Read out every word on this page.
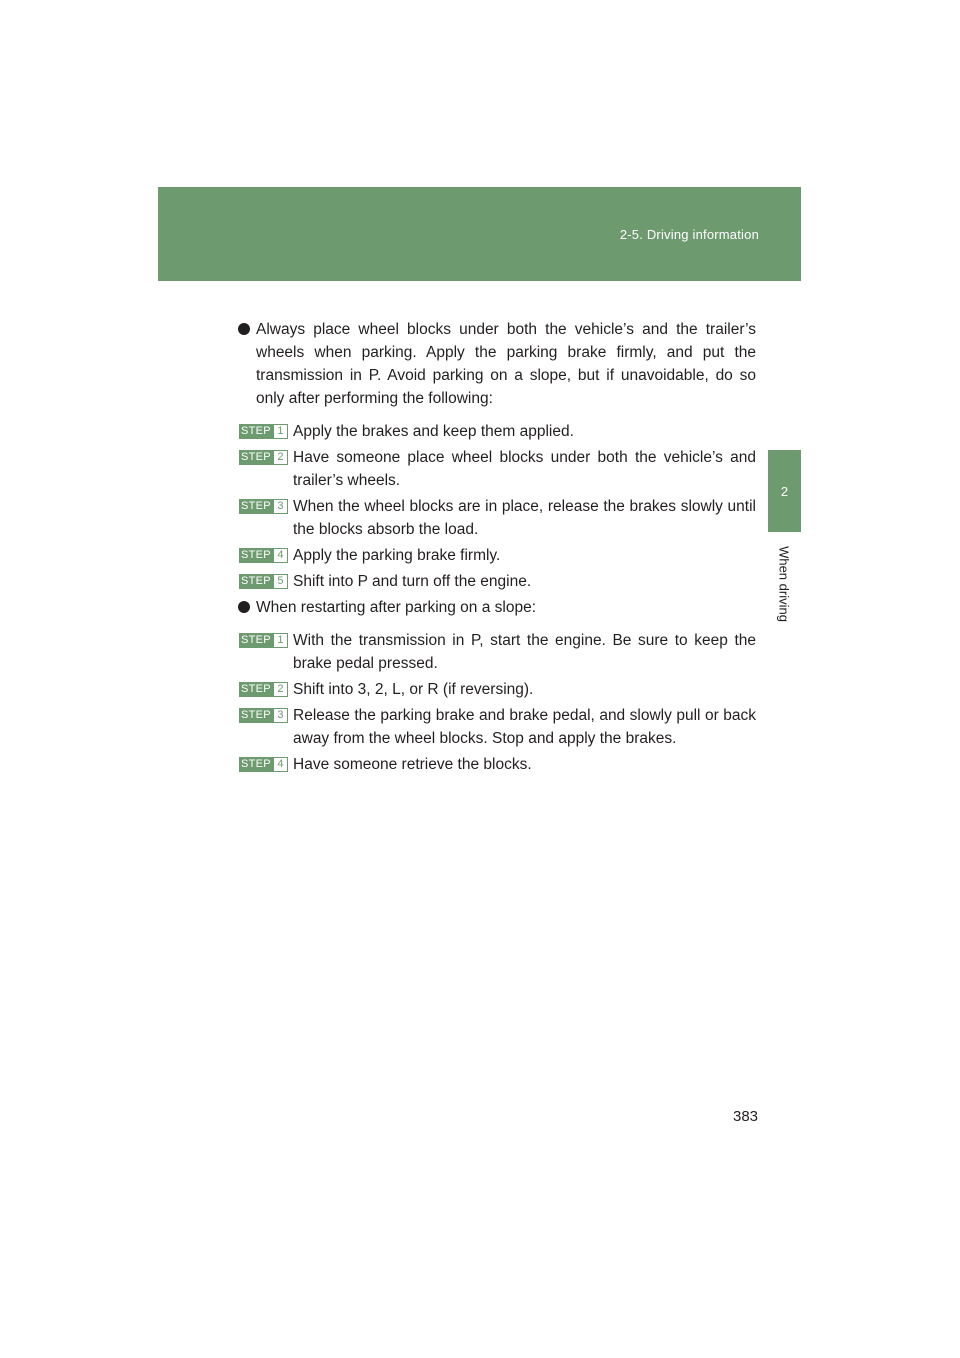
2-5. Driving information
2
When driving
Always place wheel blocks under both the vehicle’s and the trailer’s wheels when parking. Apply the parking brake firmly, and put the transmission in P. Avoid parking on a slope, but if unavoidable, do so only after performing the following:
STEP 1 Apply the brakes and keep them applied.
STEP 2 Have someone place wheel blocks under both the vehicle’s and trailer’s wheels.
STEP 3 When the wheel blocks are in place, release the brakes slowly until the blocks absorb the load.
STEP 4 Apply the parking brake firmly.
STEP 5 Shift into P and turn off the engine.
When restarting after parking on a slope:
STEP 1 With the transmission in P, start the engine. Be sure to keep the brake pedal pressed.
STEP 2 Shift into 3, 2, L, or R (if reversing).
STEP 3 Release the parking brake and brake pedal, and slowly pull or back away from the wheel blocks. Stop and apply the brakes.
STEP 4 Have someone retrieve the blocks.
383
